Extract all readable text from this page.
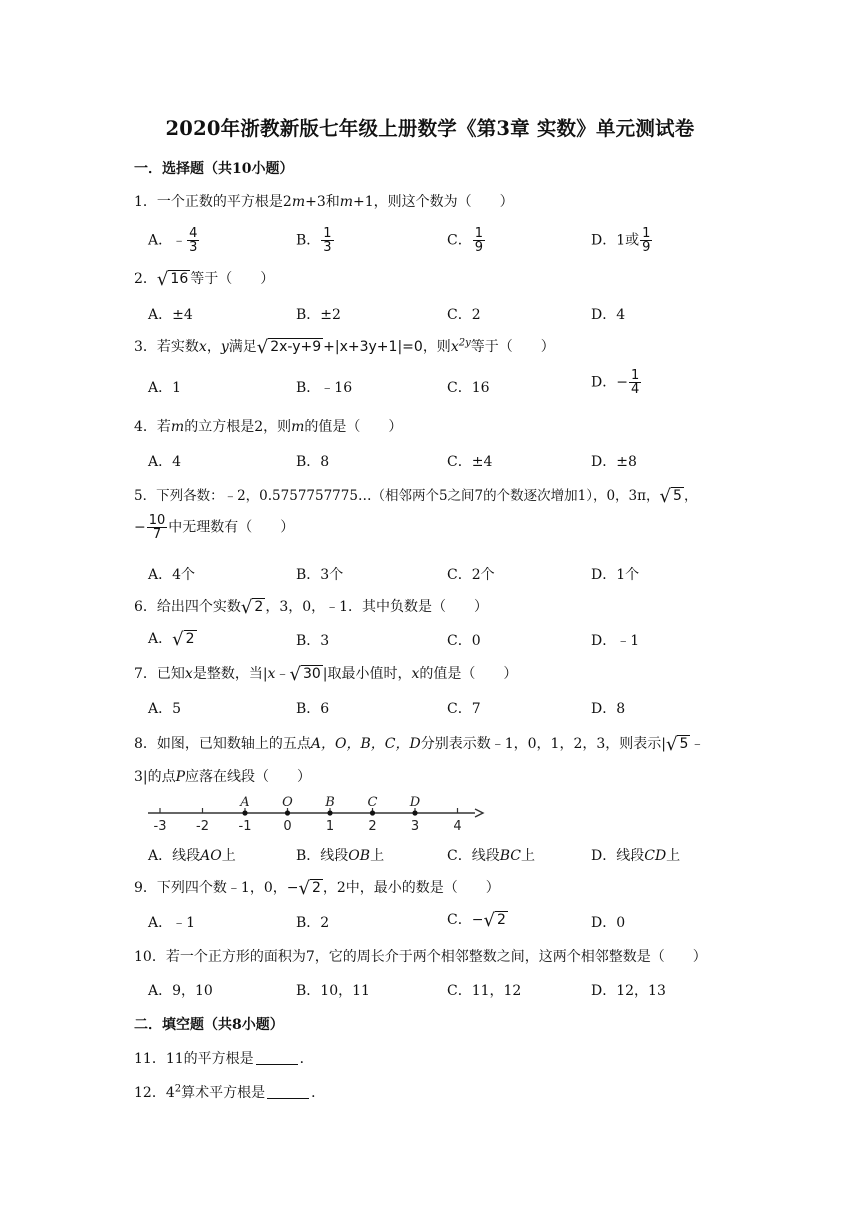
2020年浙教新版七年级上册数学《第3章 实数》单元测试卷
一．选择题（共10小题）
1．一个正数的平方根是2m+3和m+1，则这个数为（　　）
A．﹣ $\frac{4}{3}$	B． $\frac{1}{3}$	C． $\frac{1}{9}$	D．1或 $\frac{1}{9}$
2．√ 16 等于（　　）
A．±4	B．±2	C．2	D．4
3．若实数x，y满足√ 2x-y+9 +|x+3y+1|=0，则$x^{2y}$等于（　　）
A．1	B．﹣16	C．16	D．− $\frac{1}{4}$
4．若m的立方根是2，则m的值是（　　）
A．4	B．8	C．±4	D．±8
5．下列各数：﹣2，0.5757757775…（相邻两个5之间7的个数逐次增加1），0，3π，√ 5 ，
− $\frac{10}{7}$ 中无理数有（　　）
A．4个	B．3个	C．2个	D．1个
6．给出四个实数√ 2 ，3，0，﹣1．其中负数是（　　）
A．√ 2	B．3	C．0	D．﹣1
7．已知x是整数，当|x﹣√ 30 |取最小值时，x的值是（　　）
A．5	B．6	C．7	D．8
8．如图，已知数轴上的五点A，O，B，C，D分别表示数﹣1，0，1，2，3，则表示|√ 5 ﹣
3|的点P应落在线段（　　）
-3 -2 -1 0	1	2	3	4
A O B	C D
A．线段AO上	B．线段OB上	C．线段BC上	D．线段CD上
9．下列四个数﹣1，0，−√ 2 ，2中，最小的数是（　　）
A．﹣1	B．2	C．−√ 2	D．0
10．若一个正方形的面积为7，它的周长介于两个相邻整数之间，这两个相邻整数是（　　）
A．9，10	B．10，11	C．11，12	D．12，13
二．填空题（共8小题）
11．11的平方根是	．
12．$4^2$算术平方根是	．
